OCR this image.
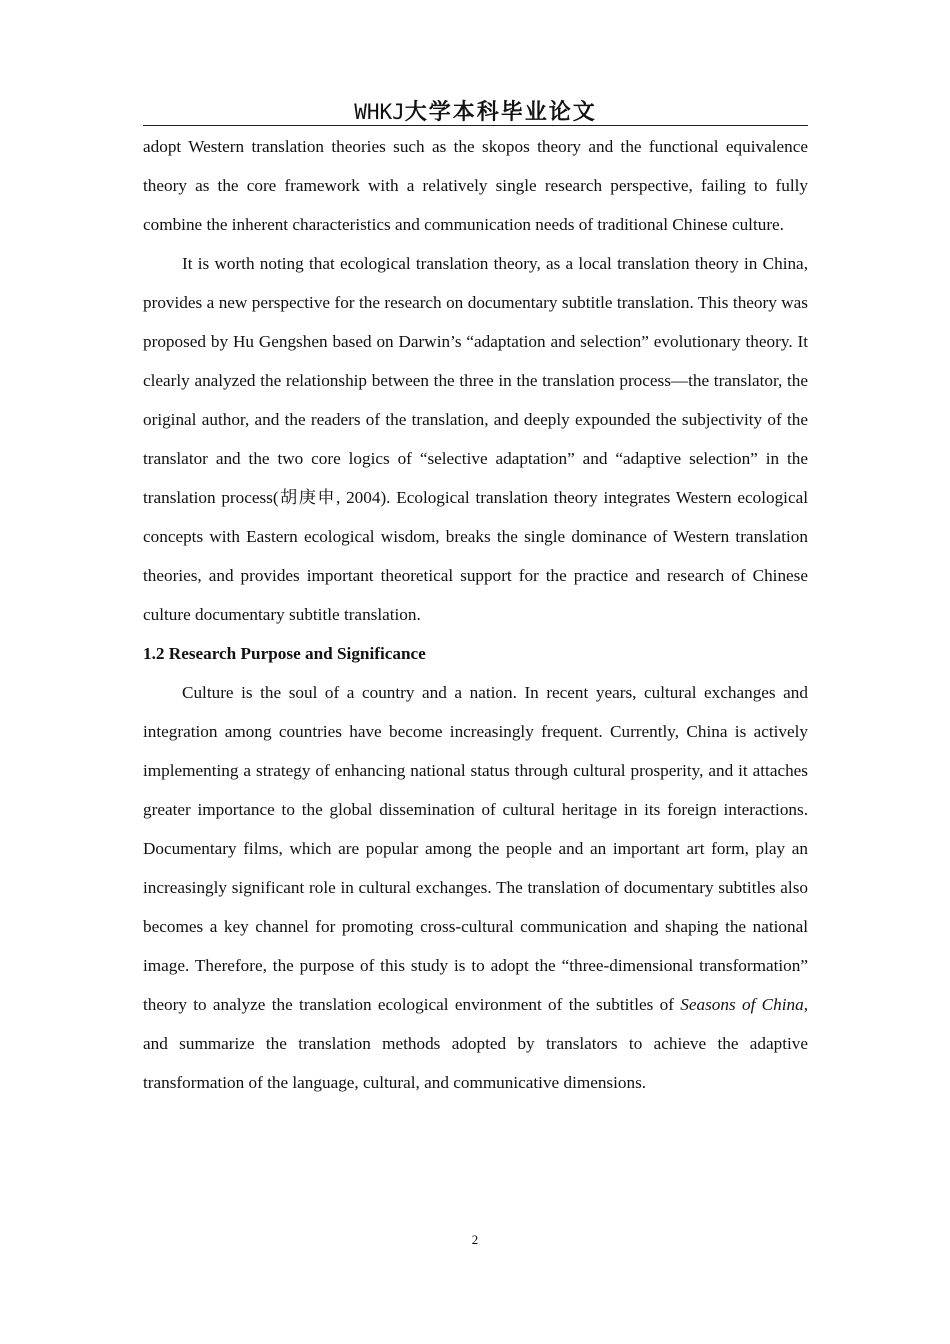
WHKJ大学本科毕业论文

adopt Western translation theories such as the skopos theory and the functional equivalence theory as the core framework with a relatively single research perspective, failing to fully combine the inherent characteristics and communication needs of traditional Chinese culture.

It is worth noting that ecological translation theory, as a local translation theory in China, provides a new perspective for the research on documentary subtitle translation. This theory was proposed by Hu Gengshen based on Darwin’s “adaptation and selection” evolutionary theory. It clearly analyzed the relationship between the three in the translation process—the translator, the original author, and the readers of the translation, and deeply expounded the subjectivity of the translator and the two core logics of “selective adaptation” and “adaptive selection” in the translation process(胡庚申, 2004). Ecological translation theory integrates Western ecological concepts with Eastern ecological wisdom, breaks the single dominance of Western translation theories, and provides important theoretical support for the practice and research of Chinese culture documentary subtitle translation.

1.2 Research Purpose and Significance

Culture is the soul of a country and a nation. In recent years, cultural exchanges and integration among countries have become increasingly frequent. Currently, China is actively implementing a strategy of enhancing national status through cultural prosperity, and it attaches greater importance to the global dissemination of cultural heritage in its foreign interactions. Documentary films, which are popular among the people and an important art form, play an increasingly significant role in cultural exchanges. The translation of documentary subtitles also becomes a key channel for promoting cross-cultural communication and shaping the national image. Therefore, the purpose of this study is to adopt the “three-dimensional transformation” theory to analyze the translation ecological environment of the subtitles of Seasons of China, and summarize the translation methods adopted by translators to achieve the adaptive transformation of the language, cultural, and communicative dimensions.

2
